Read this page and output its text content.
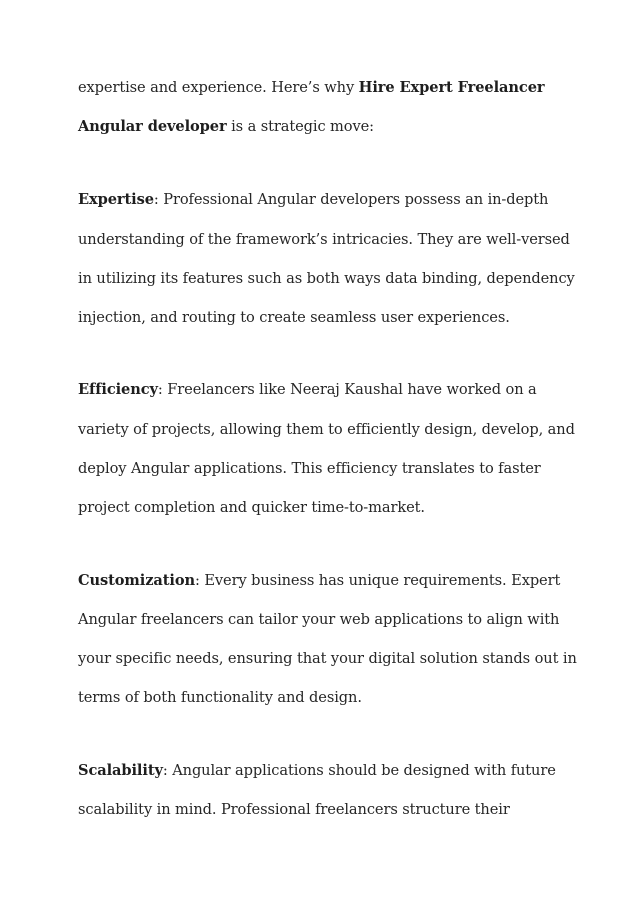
expertise and experience. Here’s why Hire Expert Freelancer
Angular developer is a strategic move:
Expertise: Professional Angular developers possess an in-depth
understanding of the framework’s intricacies. They are well-versed
in utilizing its features such as both ways data binding, dependency
injection, and routing to create seamless user experiences.
Efficiency: Freelancers like Neeraj Kaushal have worked on a
variety of projects, allowing them to efficiently design, develop, and
deploy Angular applications. This efficiency translates to faster
project completion and quicker time-to-market.
Customization: Every business has unique requirements. Expert
Angular freelancers can tailor your web applications to align with
your specific needs, ensuring that your digital solution stands out in
terms of both functionality and design.
Scalability: Angular applications should be designed with future
scalability in mind. Professional freelancers structure their
